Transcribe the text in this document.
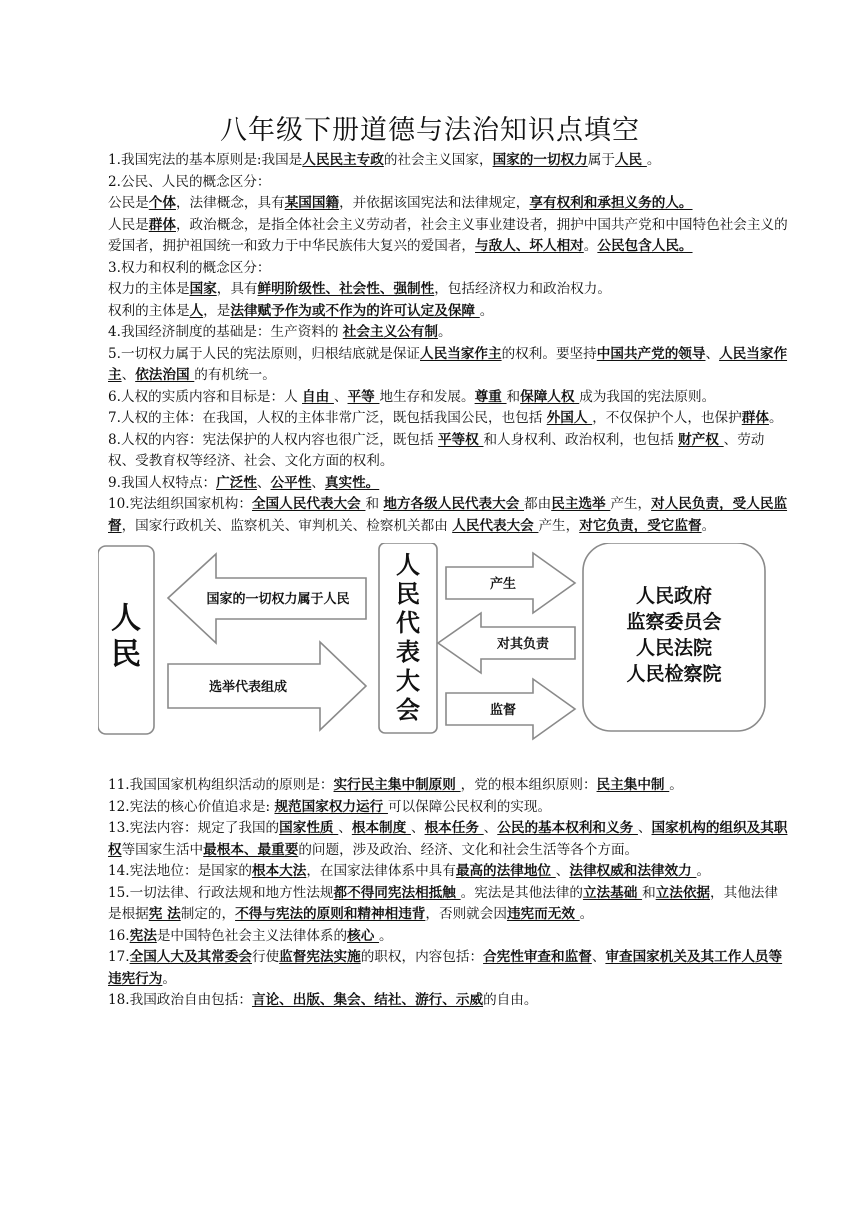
八年级下册道德与法治知识点填空

1.我国宪法的基本原则是:我国是人民民主专政的社会主义国家，国家的一切权力属于人民 。

2.公民、人民的概念区分：

公民是个体，法律概念，具有某国国籍，并依据该国宪法和法律规定，享有权利和承担义务的人。

人民是群体，政治概念，是指全体社会主义劳动者，社会主义事业建设者，拥护中国共产党和中国特色社会主义的爱国者，拥护祖国统一和致力于中华民族伟大复兴的爱国者，与敌人、坏人相对。公民包含人民。

3.权力和权利的概念区分：

权力的主体是国家，具有鲜明阶级性、社会性、强制性，包括经济权力和政治权力。

权利的主体是人，是法律赋予作为或不作为的许可认定及保障 。

4.我国经济制度的基础是：生产资料的 社会主义公有制。

5.一切权力属于人民的宪法原则，归根结底就是保证人民当家作主的权利。要坚持中国共产党的领导、人民当家作主、依法治国 的有机统一。

6.人权的实质内容和目标是：人 自由 、平等 地生存和发展。尊重 和保障人权 成为我国的宪法原则。

7.人权的主体：在我国，人权的主体非常广泛，既包括我国公民，也包括 外国人 ，不仅保护个人，也保护群体。

8.人权的内容：宪法保护的人权内容也很广泛，既包括 平等权 和人身权利、政治权利，也包括 财产权 、劳动权、受教育权等经济、社会、文化方面的权利。

9.我国人权特点：广泛性、公平性、真实性。

10.宪法组织国家机构：全国人民代表大会 和 地方各级人民代表大会 都由民主选举 产生，对人民负责，受人民监督，国家行政机关、监察机关、审判机关、检察机关都由 人民代表大会 产生，对它负责，受它监督。

人
民
国家的一切权力属于人民
选举代表组成
人
民
代
表
大
会
产生
对其负责
监督
人民政府
监察委员会
人民法院
人民检察院

11.我国国家机构组织活动的原则是：实行民主集中制原则 ，党的根本组织原则：民主集中制 。

12.宪法的核心价值追求是: 规范国家权力运行 可以保障公民权利的实现。

13.宪法内容：规定了我国的国家性质 、根本制度 、根本任务 、公民的基本权利和义务 、国家机构的组织及其职权等国家生活中最根本、最重要的问题，涉及政治、经济、文化和社会生活等各个方面。

14.宪法地位：是国家的根本大法，在国家法律体系中具有最高的法律地位 、法律权威和法律效力 。

15.一切法律、行政法规和地方性法规都不得同宪法相抵触 。宪法是其他法律的立法基础 和立法依据，其他法律是根据宪 法制定的，不得与宪法的原则和精神相违背，否则就会因违宪而无效 。

16.宪法是中国特色社会主义法律体系的核心 。

17.全国人大及其常委会行使监督宪法实施的职权，内容包括：合宪性审查和监督、审查国家机关及其工作人员等违宪行为。

18.我国政治自由包括：言论、出版、集会、结社、游行、示威的自由。
